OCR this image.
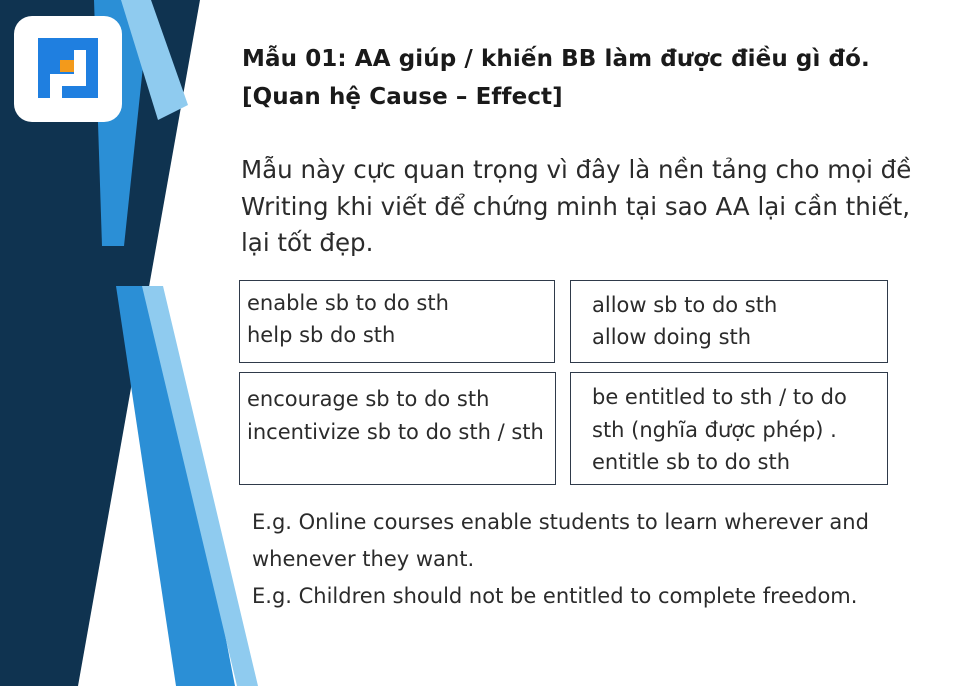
Mẫu 01: AA giúp / khiến BB làm được điều gì đó.
[Quan hệ Cause – Effect]
Mẫu này cực quan trọng vì đây là nền tảng cho mọi đề
Writing khi viết để chứng minh tại sao AA lại cần thiết,
lại tốt đẹp.
enable sb to do sth
help sb do sth
allow sb to do sth
allow doing sth
encourage sb to do sth
incentivize sb to do sth / sth
be entitled to sth / to do
sth (nghĩa được phép) .
entitle sb to do sth
E.g. Online courses enable students to learn wherever and
whenever they want.
E.g. Children should not be entitled to complete freedom.
